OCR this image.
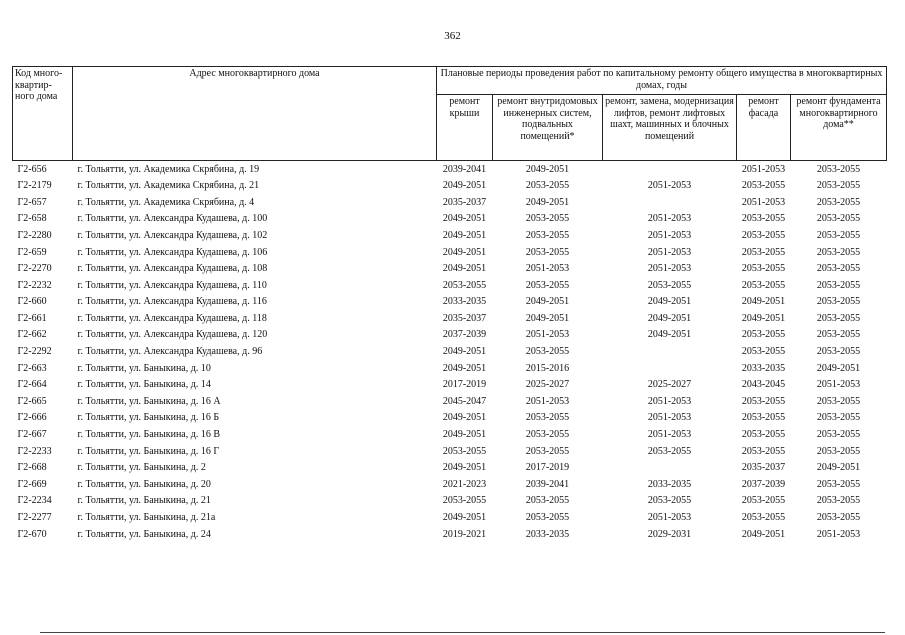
362
Код много-квартир-ного дома	Адрес многоквартирного дома	Плановые периоды проведения работ по капитальному ремонту общего имущества в многоквартирных домах, годы				
		ремонт крыши	ремонт внутридомовых инженерных систем, подвальных помещений*	ремонт, замена, модернизация лифтов, ремонт лифтовых шахт, машинных и блочных помещений	ремонт фасада	ремонт фундамента многоквартирного дома**
Г2-656	г. Тольятти, ул. Академика Скрябина, д. 19	2039-2041	2049-2051		2051-2053	2053-2055
Г2-2179	г. Тольятти, ул. Академика Скрябина, д. 21	2049-2051	2053-2055	2051-2053	2053-2055	2053-2055
Г2-657	г. Тольятти, ул. Академика Скрябина, д. 4	2035-2037	2049-2051		2051-2053	2053-2055
Г2-658	г. Тольятти, ул. Александра Кудашева, д. 100	2049-2051	2053-2055	2051-2053	2053-2055	2053-2055
Г2-2280	г. Тольятти, ул. Александра Кудашева, д. 102	2049-2051	2053-2055	2051-2053	2053-2055	2053-2055
Г2-659	г. Тольятти, ул. Александра Кудашева, д. 106	2049-2051	2053-2055	2051-2053	2053-2055	2053-2055
Г2-2270	г. Тольятти, ул. Александра Кудашева, д. 108	2049-2051	2051-2053	2051-2053	2053-2055	2053-2055
Г2-2232	г. Тольятти, ул. Александра Кудашева, д. 110	2053-2055	2053-2055	2053-2055	2053-2055	2053-2055
Г2-660	г. Тольятти, ул. Александра Кудашева, д. 116	2033-2035	2049-2051	2049-2051	2049-2051	2053-2055
Г2-661	г. Тольятти, ул. Александра Кудашева, д. 118	2035-2037	2049-2051	2049-2051	2049-2051	2053-2055
Г2-662	г. Тольятти, ул. Александра Кудашева, д. 120	2037-2039	2051-2053	2049-2051	2053-2055	2053-2055
Г2-2292	г. Тольятти, ул. Александра Кудашева, д. 96	2049-2051	2053-2055		2053-2055	2053-2055
Г2-663	г. Тольятти, ул. Баныкина, д. 10	2049-2051	2015-2016		2033-2035	2049-2051
Г2-664	г. Тольятти, ул. Баныкина, д. 14	2017-2019	2025-2027	2025-2027	2043-2045	2051-2053
Г2-665	г. Тольятти, ул. Баныкина, д. 16 А	2045-2047	2051-2053	2051-2053	2053-2055	2053-2055
Г2-666	г. Тольятти, ул. Баныкина, д. 16 Б	2049-2051	2053-2055	2051-2053	2053-2055	2053-2055
Г2-667	г. Тольятти, ул. Баныкина, д. 16 В	2049-2051	2053-2055	2051-2053	2053-2055	2053-2055
Г2-2233	г. Тольятти, ул. Баныкина, д. 16 Г	2053-2055	2053-2055	2053-2055	2053-2055	2053-2055
Г2-668	г. Тольятти, ул. Баныкина, д. 2	2049-2051	2017-2019		2035-2037	2049-2051
Г2-669	г. Тольятти, ул. Баныкина, д. 20	2021-2023	2039-2041	2033-2035	2037-2039	2053-2055
Г2-2234	г. Тольятти, ул. Баныкина, д. 21	2053-2055	2053-2055	2053-2055	2053-2055	2053-2055
Г2-2277	г. Тольятти, ул. Баныкина, д. 21а	2049-2051	2053-2055	2051-2053	2053-2055	2053-2055
Г2-670	г. Тольятти, ул. Баныкина, д. 24	2019-2021	2033-2035	2029-2031	2049-2051	2051-2053
